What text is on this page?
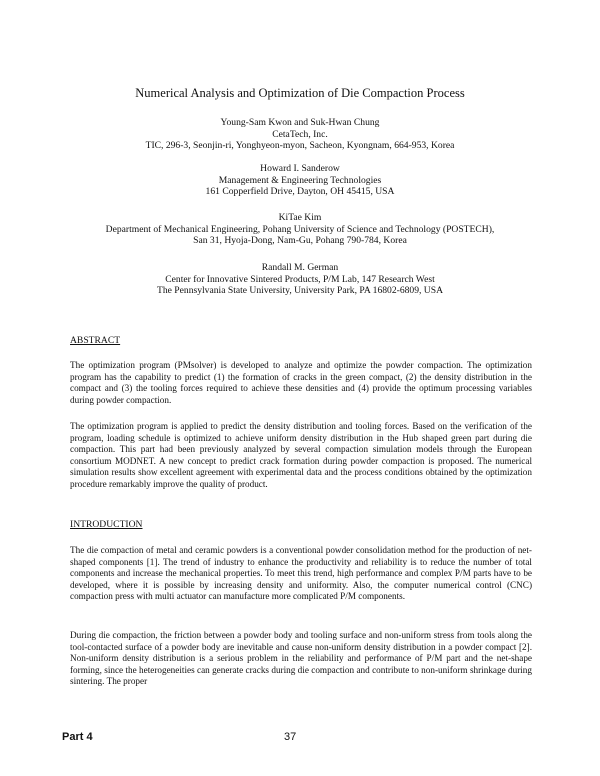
Numerical Analysis and Optimization of Die Compaction Process
Young-Sam Kwon and Suk-Hwan Chung
CetaTech, Inc.
TIC, 296-3, Seonjin-ri, Yonghyeon-myon, Sacheon, Kyongnam, 664-953, Korea
Howard I. Sanderow
Management & Engineering Technologies
161 Copperfield Drive, Dayton, OH 45415, USA
KiTae Kim
Department of Mechanical Engineering, Pohang University of Science and Technology (POSTECH),
San 31, Hyoja-Dong, Nam-Gu, Pohang 790-784, Korea
Randall M. German
Center for Innovative Sintered Products, P/M Lab, 147 Research West
The Pennsylvania State University, University Park, PA 16802-6809, USA
ABSTRACT
The optimization program (PMsolver) is developed to analyze and optimize the powder compaction. The optimization program has the capability to predict (1) the formation of cracks in the green compact, (2) the density distribution in the compact and (3) the tooling forces required to achieve these densities and (4) provide the optimum processing variables during powder compaction.
The optimization program is applied to predict the density distribution and tooling forces. Based on the verification of the program, loading schedule is optimized to achieve uniform density distribution in the Hub shaped green part during die compaction. This part had been previously analyzed by several compaction simulation models through the European consortium MODNET. A new concept to predict crack formation during powder compaction is proposed. The numerical simulation results show excellent agreement with experimental data and the process conditions obtained by the optimization procedure remarkably improve the quality of product.
INTRODUCTION
The die compaction of metal and ceramic powders is a conventional powder consolidation method for the production of net-shaped components [1]. The trend of industry to enhance the productivity and reliability is to reduce the number of total components and increase the mechanical properties. To meet this trend, high performance and complex P/M parts have to be developed, where it is possible by increasing density and uniformity. Also, the computer numerical control (CNC) compaction press with multi actuator can manufacture more complicated P/M components.
During die compaction, the friction between a powder body and tooling surface and non-uniform stress from tools along the tool-contacted surface of a powder body are inevitable and cause non-uniform density distribution in a powder compact [2]. Non-uniform density distribution is a serious problem in the reliability and performance of P/M part and the net-shape forming, since the heterogeneities can generate cracks during die compaction and contribute to non-uniform shrinkage during sintering. The proper
Part 4	37
